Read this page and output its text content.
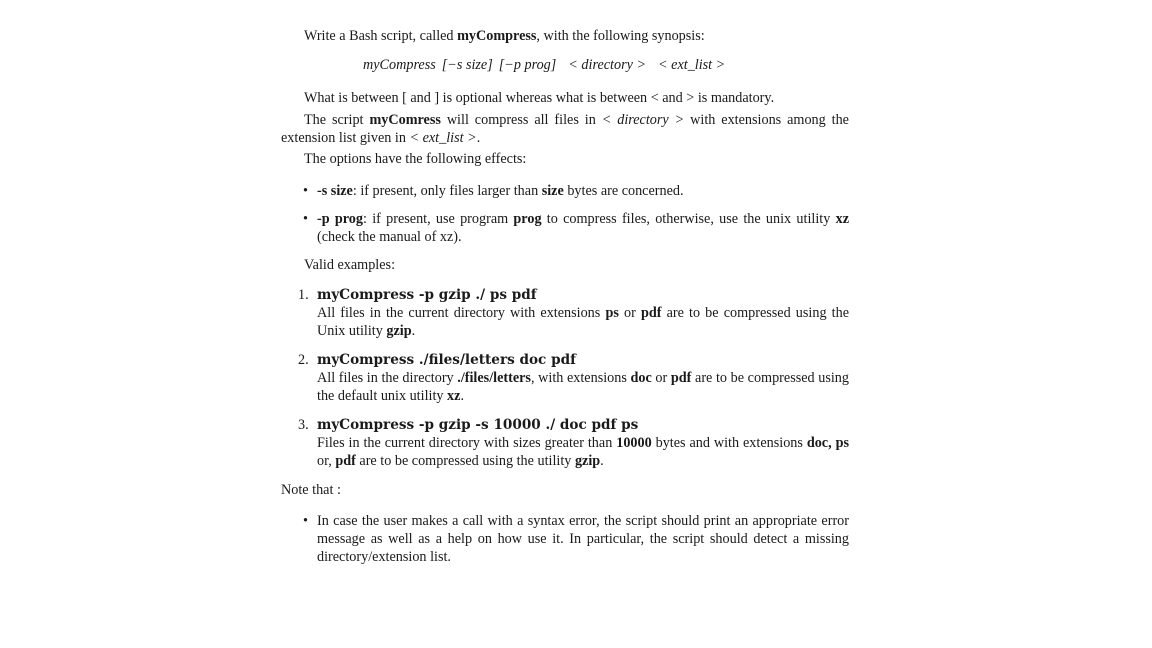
Write a Bash script, called myCompress, with the following synopsis:

myCompress [−s size] [−p prog] < directory > < ext_list >

What is between [ and ] is optional whereas what is between < and > is mandatory.

The script myComress will compress all files in < directory > with extensions among the extension list given in < ext_list >.

The options have the following effects:

• -s size: if present, only files larger than size bytes are concerned.
• -p prog: if present, use program prog to compress files, otherwise, use the unix utility xz (check the manual of xz).

Valid examples:

1. myCompress -p gzip ./ ps pdf
All files in the current directory with extensions ps or pdf are to be compressed using the Unix utility gzip.
2. myCompress ./files/letters doc pdf
All files in the directory ./files/letters, with extensions doc or pdf are to be compressed using the default unix utility xz.
3. myCompress -p gzip -s 10000 ./ doc pdf ps
Files in the current directory with sizes greater than 10000 bytes and with extensions doc, ps or, pdf are to be compressed using the utility gzip.

Note that :

• In case the user makes a call with a syntax error, the script should print an appropriate error message as well as a help on how use it. In particular, the script should detect a missing directory/extension list.
